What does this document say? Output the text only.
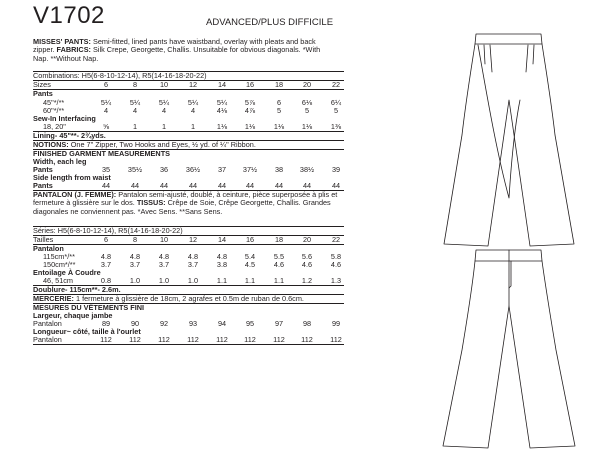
V1702	ADVANCED/PLUS DIFFICILE
MISSES' PANTS: Semi-fitted, lined pants have waistband, overlay with pleats and back zipper. FABRICS: Silk Crepe, Georgette, Challis. Unsuitable for obvious diagonals. *With Nap. **Without Nap.
Combinations: H5(6-8-10-12-14), R5(14-16-18-20-22)
Sizes	6	8	10	12	14	16	18	20	22
Pants
45"*/**	5¼	5¼	5¼	5¼	5¼	5⅞	6	6⅛	6¼
60"*/**	4	4	4	4	4⅛	4⅞	5	5	5
Sew-In Interfacing
18, 20"	⅝	1	1	1	1⅛	1⅛	1⅛	1⅛	1⅜
Lining- 45"**- 2¾yds.
NOTIONS: One 7" Zipper, Two Hooks and Eyes, ½ yd. of ¼" Ribbon.
FINISHED GARMENT MEASUREMENTS
Width, each leg
Pants	35	35½	36	36½	37	37½	38	38½	39
Side length from waist
Pants	44	44	44	44	44	44	44	44	44
PANTALON (J. FEMME): Pantalon semi-ajusté, doublé, à ceinture, pièce superposée à plis et fermeture à glissière sur le dos. TISSUS: Crêpe de Soie, Crêpe Georgette, Challis. Grandes diagonales ne conviennent pas. *Avec Sens. **Sans Sens.
Séries: H5(6-8-10-12-14), R5(14-16-18-20-22)
Tailles	6	8	10	12	14	16	18	20	22
Pantalon
115cm*/**	4.8	4.8	4.8	4.8	4.8	5.4	5.5	5.6	5.8
150cm*/**	3.7	3.7	3.7	3.7	3.8	4.5	4.6	4.6	4.6
Entoilage À Coudre
46, 51cm	0.8	1.0	1.0	1.0	1.1	1.1	1.1	1.2	1.3
Doublure- 115cm**- 2.6m.
MERCERIE: 1 fermeture à glissière de 18cm, 2 agrafes et 0.5m de ruban de 0.6cm.
MESURES DU VÊTEMENTS FINI
Largeur, chaque jambe
Pantalon	89	90	92	93	94	95	97	98	99
Longueur~ côté, taille à l'ourlet
Pantalon	112	112	112	112	112	112	112	112	112
